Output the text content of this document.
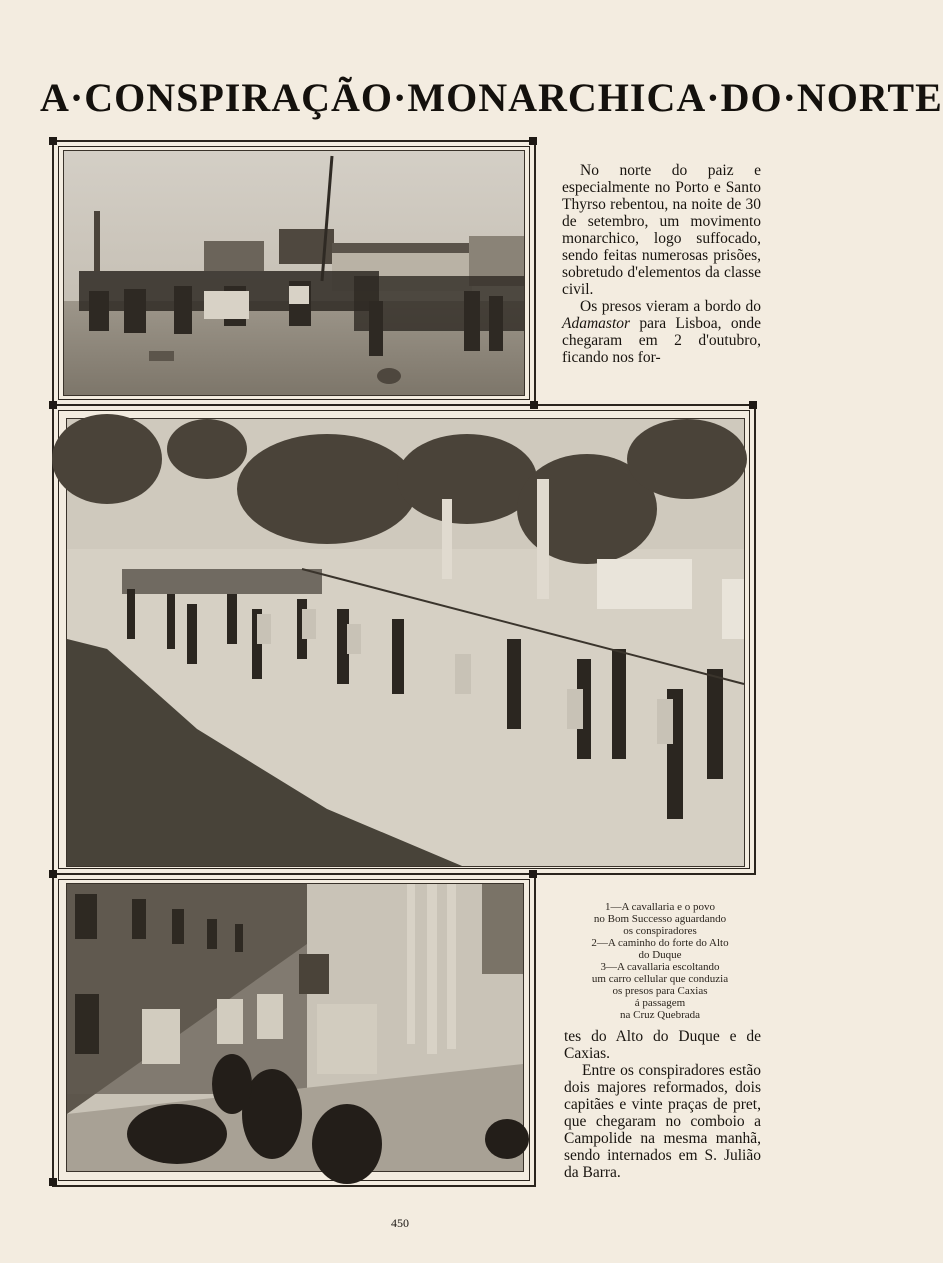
A·CONSPIRAÇÃO·MONARCHICA·DO·NORTE

No norte do paiz e especialmente no Porto e Santo Thyrso rebentou, na noite de 30 de setembro, um movimento monarchico, logo suffocado, sendo feitas numerosas prisões, sobretudo d'elementos da classe civil.

Os presos vieram a bordo do Adamastor para Lisboa, onde chegaram em 2 d'outubro, ficando nos for-

1—A cavallaria e o povo
no Bom Successo aguardando
os conspiradores
2—A caminho do forte do Alto
do Duque
3—A cavallaria escoltando
um carro cellular que conduzia
os presos para Caxias
á passagem
na Cruz Quebrada

tes do Alto do Duque e de Caxias.

Entre os conspiradores estão dois majores reformados, dois capitães e vinte praças de pret, que chegaram no comboio a Campolide na mesma manhã, sendo internados em S. Julião da Barra.

450
